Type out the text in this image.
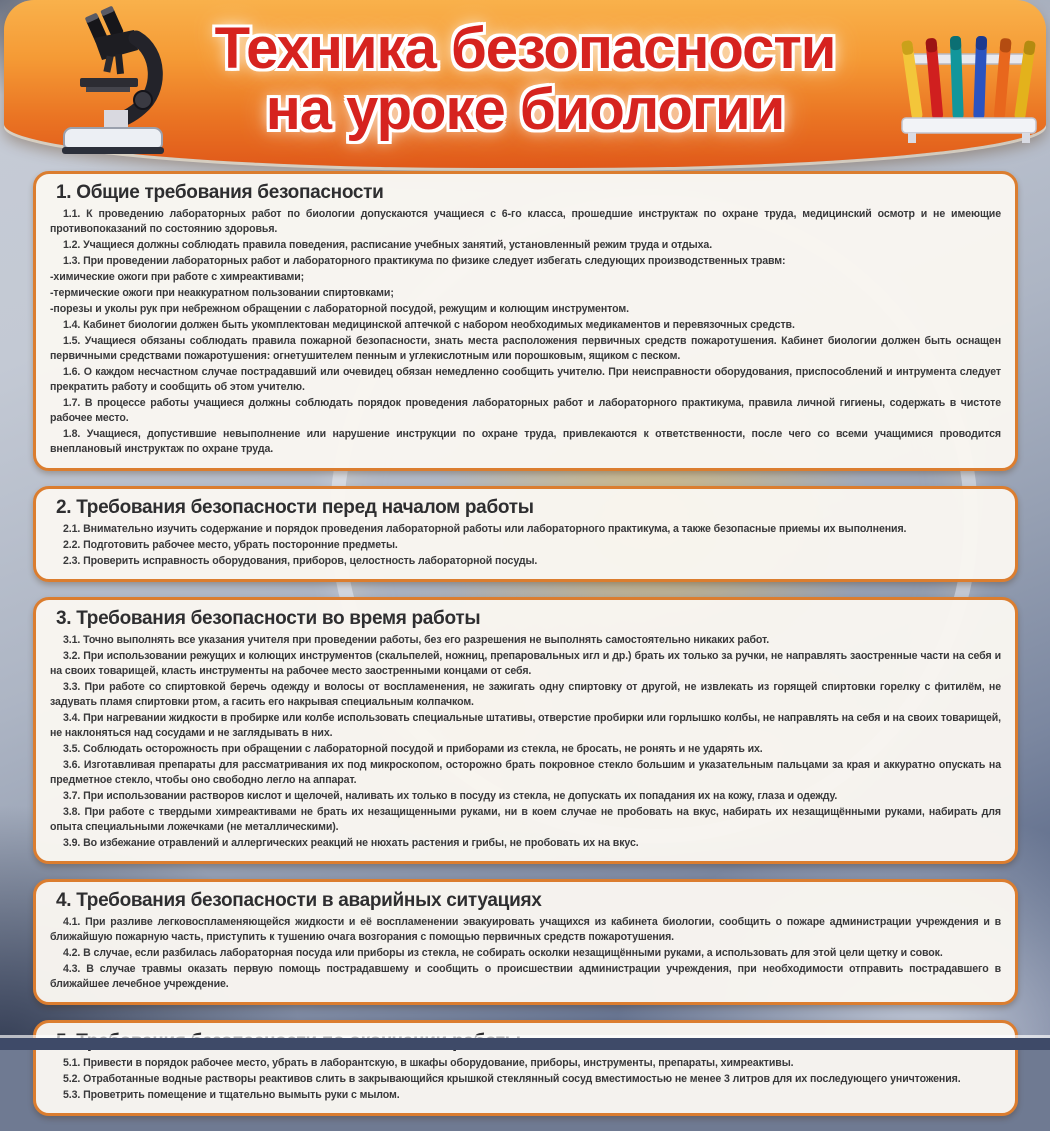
Техника безопасности
на уроке биологии
1. Общие требования безопасности

1.1. К проведению лабораторных работ по биологии допускаются учащиеся с 6-го класса, прошедшие инструктаж по охране труда, медицинский осмотр и не имеющие противопоказаний по состоянию здоровья.

1.2. Учащиеся должны соблюдать правила поведения, расписание учебных занятий, установленный режим труда и отдыха.

1.3. При проведении лабораторных работ и лабораторного практикума по физике следует избегать следующих производственных травм:

-химические ожоги при работе с химреактивами;

-термические ожоги при неаккуратном пользовании спиртовками;

-порезы и уколы рук при небрежном обращении с лабораторной посудой, режущим и колющим инструментом.

1.4. Кабинет биологии должен быть укомплектован медицинской аптечкой с набором необходимых медикаментов и перевязочных средств.

1.5. Учащиеся обязаны соблюдать правила пожарной безопасности, знать места расположения первичных средств пожаротушения. Кабинет биологии должен быть оснащен первичными средствами пожаротушения: огнетушителем пенным и углекислотным или порошковым, ящиком с песком.

1.6. О каждом несчастном случае пострадавший или очевидец обязан немедленно сообщить учителю. При неисправности оборудования, приспособлений и интрумента следует прекратить работу и сообщить об этом учителю.

1.7. В процессе работы учащиеся должны соблюдать порядок проведения лабораторных работ и лабораторного практикума, правила личной гигиены, содержать в чистоте рабочее место.

1.8. Учащиеся, допустившие невыполнение или нарушение инструкции по охране труда, привлекаются к ответственности, после чего со всеми учащимися проводится внеплановый инструктаж по охране труда.

2. Требования безопасности перед началом работы

2.1. Внимательно изучить содержание и порядок проведения лабораторной работы или лабораторного практикума, а также безопасные приемы их выполнения.

2.2. Подготовить рабочее место, убрать посторонние предметы.

2.3. Проверить исправность оборудования, приборов, целостность лабораторной посуды.

3. Требования безопасности во время работы

3.1. Точно выполнять все указания учителя при проведении работы, без его разрешения не выполнять самостоятельно никаких работ.

3.2. При использовании режущих и колющих инструментов (скальпелей, ножниц, препаровальных игл и др.) брать их только за ручки, не направлять заостренные части на себя и на своих товарищей, класть инструменты на рабочее место заостренными концами от себя.

3.3. При работе со спиртовкой беречь одежду и волосы от воспламенения, не зажигать одну спиртовку от другой, не извлекать из горящей спиртовки горелку с фитилём, не задувать пламя спиртовки ртом, а гасить его накрывая специальным колпачком.

3.4. При нагревании жидкости в пробирке или колбе использовать специальные штативы, отверстие пробирки или горлышко колбы, не направлять на себя и на своих товарищей, не наклоняться над сосудами и не заглядывать в них.

3.5. Соблюдать осторожность при обращении с лабораторной посудой и приборами из стекла, не бросать, не ронять и не ударять их.

3.6. Изготавливая препараты для рассматривания их под микроскопом, осторожно брать покровное стекло большим и указательным пальцами за края и аккуратно опускать на предметное стекло, чтобы оно свободно легло на аппарат.

3.7. При использовании растворов кислот и щелочей, наливать их только в посуду из стекла, не допускать их попадания их на кожу, глаза и одежду.

3.8. При работе с твердыми химреактивами не брать их незащищенными руками, ни в коем случае не пробовать на вкус, набирать их незащищёнными руками, набирать для опыта специальными ложечками (не металлическими).

3.9. Во избежание отравлений и аллергических реакций не нюхать растения и грибы, не пробовать их на вкус.

4. Требования безопасности в аварийных ситуациях

4.1. При разливе легковоспламеняющейся жидкости и её воспламенении эвакуировать учащихся из кабинета биологии, сообщить о пожаре администрации учреждения и в ближайшую пожарную часть, приступить к тушению очага возгорания с помощью первичных средств пожаротушения.

4.2. В случае, если разбилась лабораторная посуда или приборы из стекла, не собирать осколки незащищёнными руками, а использовать для этой цели щетку и совок.

4.3. В случае травмы оказать первую помощь пострадавшему и сообщить о происшествии администрации учреждения, при необходимости отправить пострадавшего в ближайшее лечебное учреждение.

5.1. Привести в порядок рабочее место, убрать в лаборантскую, в шкафы оборудование, приборы, инструменты, препараты, химреактивы.

5.2. Отработанные водные растворы реактивов слить в закрывающийся крышкой стеклянный сосуд вместимостью не менее 3 литров для их последующего уничтожения.

5.3. Проветрить помещение и тщательно вымыть руки с мылом.
